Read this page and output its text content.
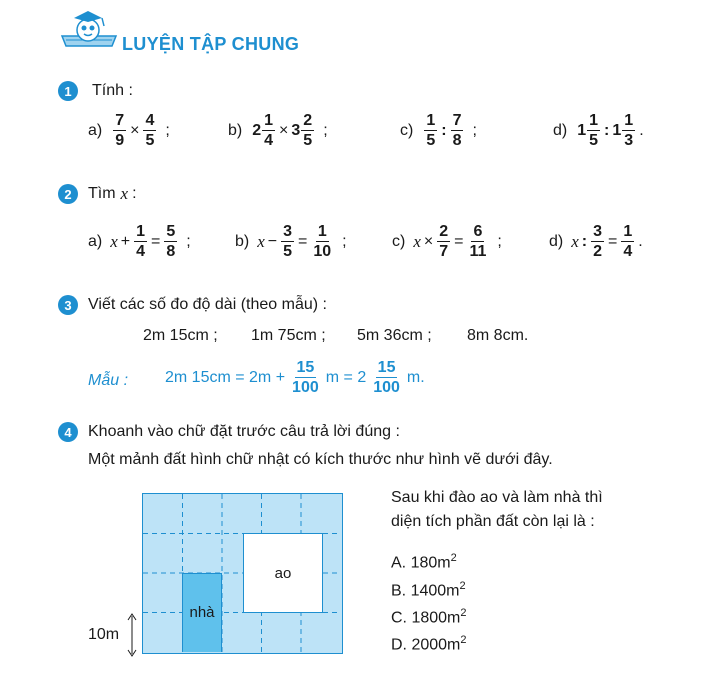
LUYỆN TẬP CHUNG
1	Tính :
$a) \frac{7}{9} \times \frac{4}{5}$ ;	b) $2 \frac{1}{4} \times 3 \frac{2}{5}$ ;	$c) \frac{1}{5}$ : $\frac{7}{8}$ ;	d) $1 \frac{1}{5}$ : $1 \frac{1}{3}$ .
2	Tìm x :
a) $x + \frac{1}{4} = \frac{5}{8}$ ;	b) $x - \frac{3}{5} = \frac{1}{10}$ ;	c) $x \times \frac{2}{7} = \frac{6}{11}$ ;	d) x : $\frac{3}{2} = \frac{1}{4}$ .
3	Viết các số đo độ dài (theo mẫu) :
2m 15cm ; 1m 75cm ; 5m 36cm ; 8m 8cm.
Mẫu : 2m $15cm = 2m + \frac{15}{100}$ $m = 2 \frac{15}{100} m$.
4	Khoanh vào chữ đặt trước câu trả lời đúng :
Một mảnh đất hình chữ nhật có kích thước như hình vẽ dưới đây.
nhà
ao
10m
Sau khi đào ao và làm nhà thì
diện tích phần đất còn lại là :
A. $180m^2$
B. $1400m^2$
C. $1800m^2$
D. $2000m^2$
